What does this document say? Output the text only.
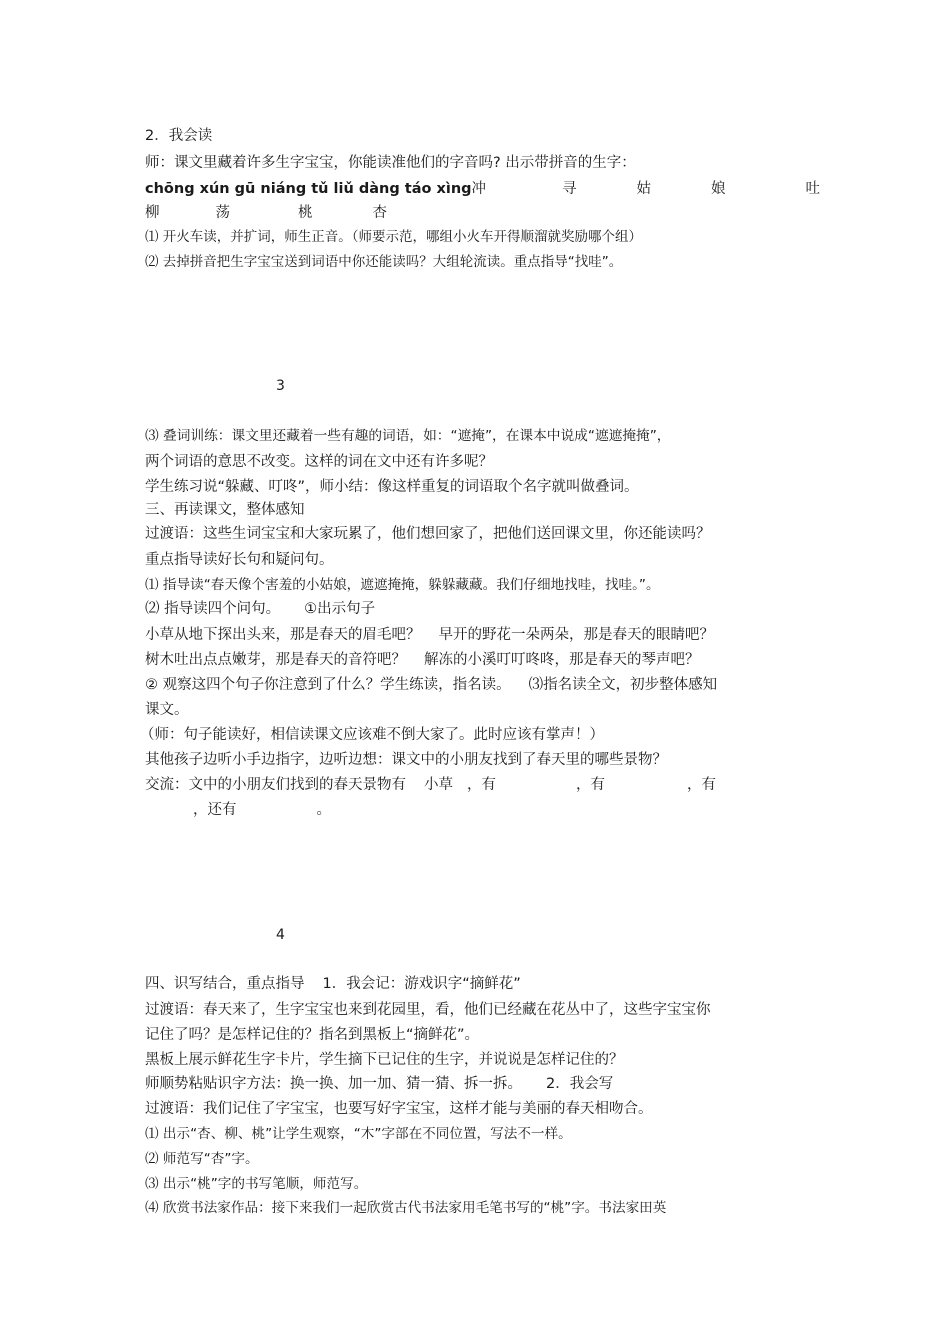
2．我会读
师：课文里藏着许多生字宝宝，你能读准他们的字音吗? 出示带拼音的生字：
chōng xún gū niáng tǔ liǔ dàng táo xìng冲	寻	姑	娘	吐
柳	荡	桃	杏
⑴ 开火车读，并扩词，师生正音。（师要示范，哪组小火车开得顺溜就奖励哪个组）
⑵ 去掉拼音把生字宝宝送到词语中你还能读吗？大组轮流读。重点指导“找哇”。
3
⑶ 叠词训练：课文里还藏着一些有趣的词语，如：“遮掩”，在课本中说成“遮遮掩掩”，
两个词语的意思不改变。这样的词在文中还有许多呢？
学生练习说“躲藏、叮咚”，师小结：像这样重复的词语取个名字就叫做叠词。
三、再读课文，整体感知
过渡语：这些生词宝宝和大家玩累了，他们想回家了，把他们送回课文里，你还能读吗？
重点指导读好长句和疑问句。
⑴ 指导读“春天像个害羞的小姑娘，遮遮掩掩，躲躲藏藏。我们仔细地找哇，找哇。”。
⑵ 指导读四个问句。 ①出示句子
小草从地下探出头来，那是春天的眉毛吧？ 早开的野花一朵两朵，那是春天的眼睛吧？
树木吐出点点嫩芽，那是春天的音符吧？ 解冻的小溪叮叮咚咚，那是春天的琴声吧？
② 观察这四个句子你注意到了什么？学生练读，指名读。 ⑶指名读全文，初步整体感知
课文。
（师：句子能读好，相信读课文应该难不倒大家了。此时应该有掌声！）
其他孩子边听小手边指字，边听边想：课文中的小朋友找到了春天里的哪些景物？
交流：文中的小朋友们找到的春天景物有 小草 ，有	，有	，有
，还有	。
4
四、识写结合，重点指导 1．我会记：游戏识字“摘鲜花”
过渡语：春天来了，生字宝宝也来到花园里，看，他们已经藏在花丛中了，这些字宝宝你
记住了吗？是怎样记住的？指名到黑板上“摘鲜花”。
黑板上展示鲜花生字卡片，学生摘下已记住的生字，并说说是怎样记住的？
师顺势粘贴识字方法：换一换、加一加、猜一猜、拆一拆。 2．我会写
过渡语：我们记住了字宝宝，也要写好字宝宝，这样才能与美丽的春天相吻合。
⑴ 出示“杏、柳、桃”让学生观察，“木”字部在不同位置，写法不一样。
⑵ 师范写“杏”字。
⑶ 出示“桃”字的书写笔顺，师范写。
⑷ 欣赏书法家作品：接下来我们一起欣赏古代书法家用毛笔书写的“桃”字。书法家田英
